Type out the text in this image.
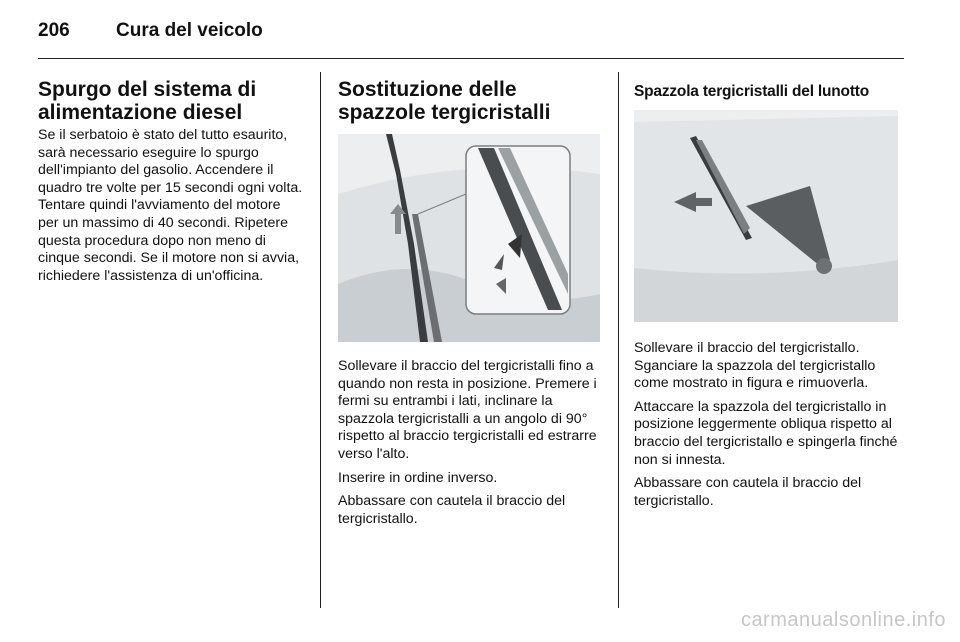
206 Cura del veicolo
Spurgo del sistema di alimentazione diesel

Se il serbatoio è stato del tutto esaurito, sarà necessario eseguire lo spurgo dell'impianto del gasolio. Accendere il quadro tre volte per 15 secondi ogni volta. Tentare quindi l'avviamento del motore per un massimo di 40 secondi. Ripetere questa procedura dopo non meno di cinque secondi. Se il motore non si avvia, richiedere l'assistenza di un'officina.

Sostituzione delle spazzole tergicristalli

Sollevare il braccio del tergicristalli fino a quando non resta in posizione. Premere i fermi su entrambi i lati, inclinare la spazzola tergicristalli a un angolo di 90° rispetto al braccio tergicristalli ed estrarre verso l'alto.

Inserire in ordine inverso.

Abbassare con cautela il braccio del tergicristallo.

Spazzola tergicristalli del lunotto

Sollevare il braccio del tergicristallo. Sganciare la spazzola del tergicristallo come mostrato in figura e rimuoverla.

Attaccare la spazzola del tergicristallo in posizione leggermente obliqua rispetto al braccio del tergicristallo e spingerla finché non si innesta.

Abbassare con cautela il braccio del tergicristallo.

carmanualsonline.info
